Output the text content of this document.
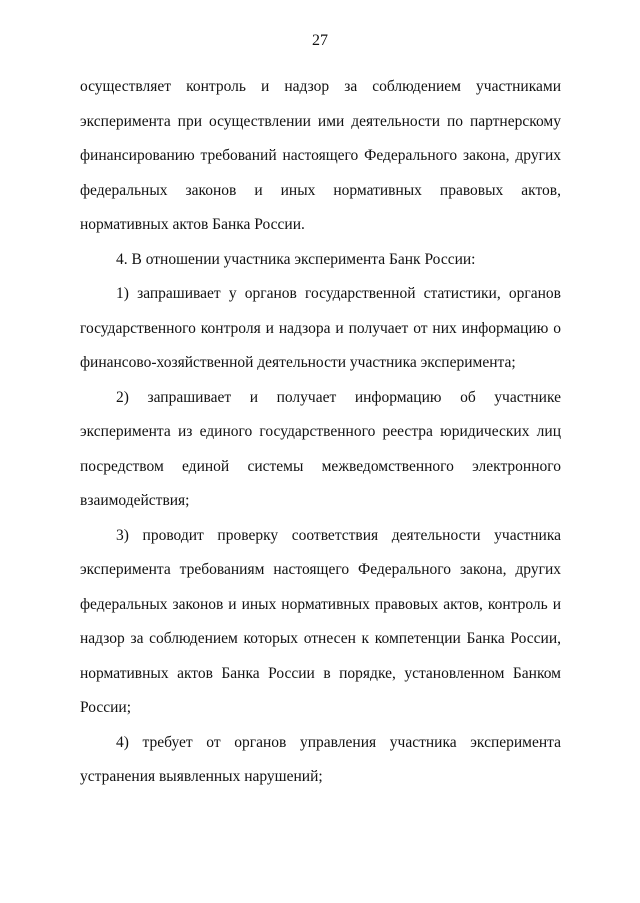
27

осуществляет контроль и надзор за соблюдением участниками эксперимента при осуществлении ими деятельности по партнерскому финансированию требований настоящего Федерального закона, других федеральных законов и иных нормативных правовых актов, нормативных актов Банка России.

4. В отношении участника эксперимента Банк России:

1) запрашивает у органов государственной статистики, органов государственного контроля и надзора и получает от них информацию о финансово-хозяйственной деятельности участника эксперимента;

2) запрашивает и получает информацию об участнике эксперимента из единого государственного реестра юридических лиц посредством единой системы межведомственного электронного взаимодействия;

3) проводит проверку соответствия деятельности участника эксперимента требованиям настоящего Федерального закона, других федеральных законов и иных нормативных правовых актов, контроль и надзор за соблюдением которых отнесен к компетенции Банка России, нормативных актов Банка России в порядке, установленном Банком России;

4) требует от органов управления участника эксперимента устранения выявленных нарушений;
